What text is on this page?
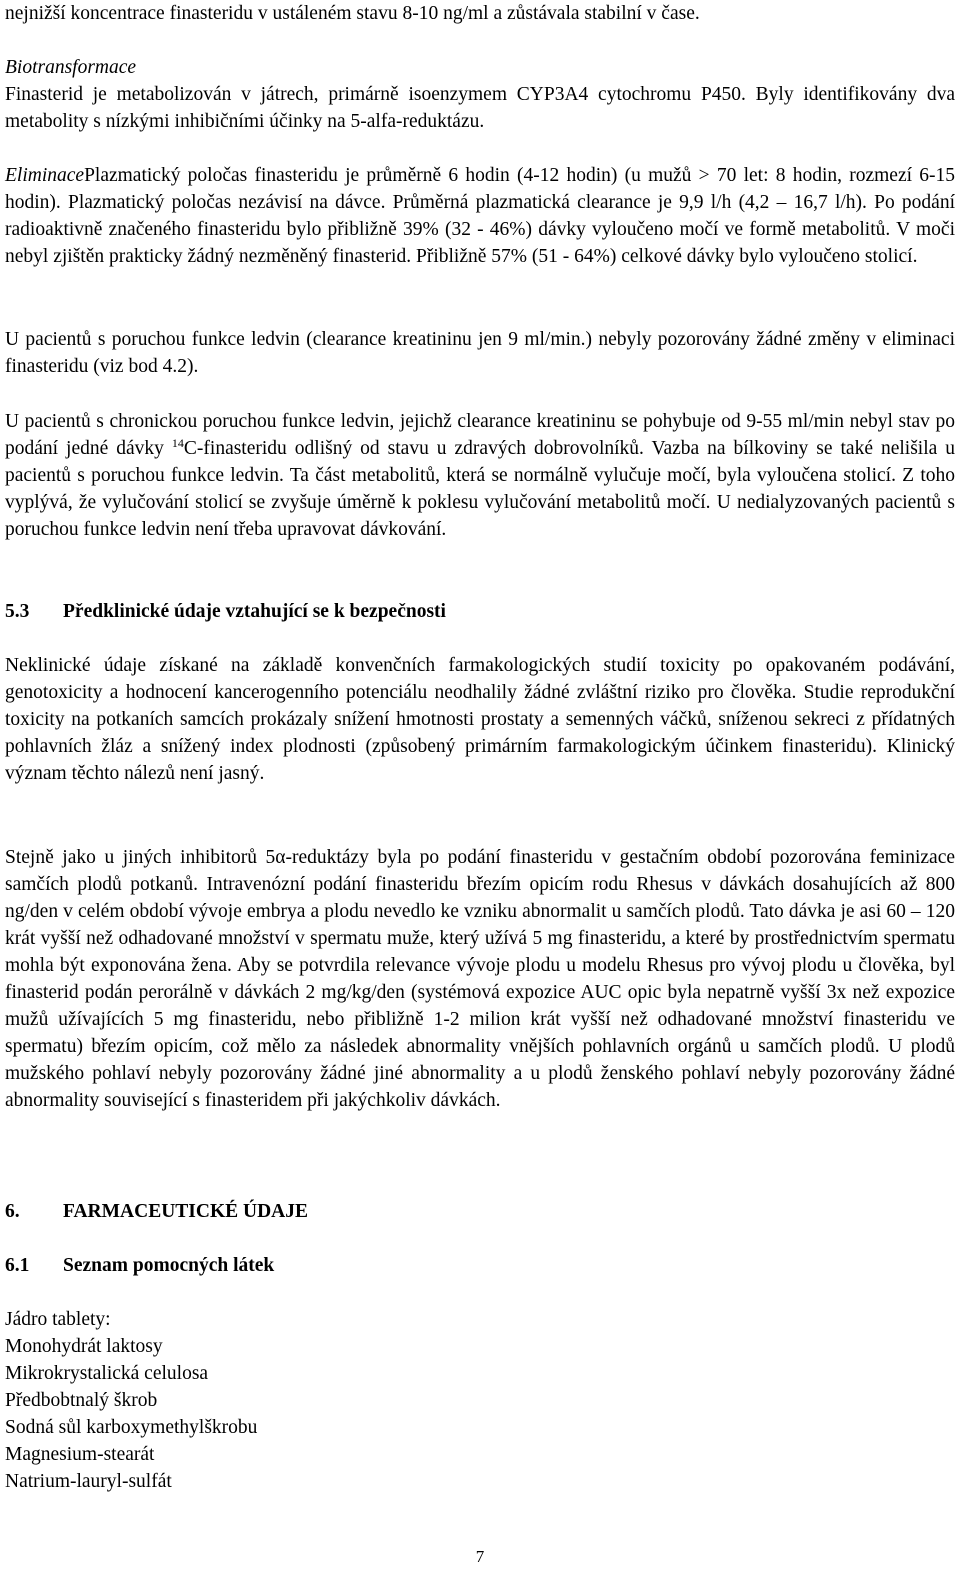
nejnižší koncentrace finasteridu v ustáleném stavu 8-10 ng/ml a zůstávala stabilní v čase.

Biotransformace

Finasterid je metabolizován v játrech, primárně isoenzymem CYP3A4 cytochromu P450. Byly identifikovány dva metabolity s nízkými inhibičními účinky na 5-alfa-reduktázu.

EliminacePlazmatický poločas finasteridu je průměrně 6 hodin (4-12 hodin) (u mužů > 70 let: 8 hodin, rozmezí 6-15 hodin). Plazmatický poločas nezávisí na dávce. Průměrná plazmatická clearance je 9,9 l/h (4,2 – 16,7 l/h). Po podání radioaktivně značeného finasteridu bylo přibližně 39% (32 - 46%) dávky vyloučeno močí ve formě metabolitů. V moči nebyl zjištěn prakticky žádný nezměněný finasterid. Přibližně 57% (51 - 64%) celkové dávky bylo vyloučeno stolicí.

U pacientů s poruchou funkce ledvin (clearance kreatininu jen 9 ml/min.) nebyly pozorovány žádné změny v eliminaci finasteridu (viz bod 4.2).

U pacientů s chronickou poruchou funkce ledvin, jejichž clearance kreatininu se pohybuje od 9-55 ml/min nebyl stav po podání jedné dávky $^{14}$C-finasteridu odlišný od stavu u zdravých dobrovolníků. Vazba na bílkoviny se také nelišila u pacientů s poruchou funkce ledvin. Ta část metabolitů, která se normálně vylučuje močí, byla vyloučena stolicí. Z toho vyplývá, že vylučování stolicí se zvyšuje úměrně k poklesu vylučování metabolitů močí. U nedialyzovaných pacientů s poruchou funkce ledvin není třeba upravovat dávkování.

5.3 Předklinické údaje vztahující se k bezpečnosti

Neklinické údaje získané na základě konvenčních farmakologických studií toxicity po opakovaném podávání, genotoxicity a hodnocení kancerogenního potenciálu neodhalily žádné zvláštní riziko pro člověka. Studie reprodukční toxicity na potkaních samcích prokázaly snížení hmotnosti prostaty a semenných váčků, sníženou sekreci z přídatných pohlavních žláz a snížený index plodnosti (způsobený primárním farmakologickým účinkem finasteridu). Klinický význam těchto nálezů není jasný.

Stejně jako u jiných inhibitorů 5α-reduktázy byla po podání finasteridu v gestačním období pozorována feminizace samčích plodů potkanů. Intravenózní podání finasteridu březím opicím rodu Rhesus v dávkách dosahujících až 800 ng/den v celém období vývoje embrya a plodu nevedlo ke vzniku abnormalit u samčích plodů. Tato dávka je asi 60 – 120 krát vyšší než odhadované množství v spermatu muže, který užívá 5 mg finasteridu, a které by prostřednictvím spermatu mohla být exponována žena. Aby se potvrdila relevance vývoje plodu u modelu Rhesus pro vývoj plodu u člověka, byl finasterid podán perorálně v dávkách 2 mg/kg/den (systémová expozice AUC opic byla nepatrně vyšší 3x než expozice mužů užívajících 5 mg finasteridu, nebo přibližně 1-2 milion krát vyšší než odhadované množství finasteridu ve spermatu) březím opicím, což mělo za následek abnormality vnějších pohlavních orgánů u samčích plodů. U plodů mužského pohlaví nebyly pozorovány žádné jiné abnormality a u plodů ženského pohlaví nebyly pozorovány žádné abnormality související s finasteridem při jakýchkoliv dávkách.

6. FARMACEUTICKÉ ÚDAJE
6.1 Seznam pomocných látek
Jádro tablety:
Monohydrát laktosy
Mikrokrystalická celulosa
Předbobtnalý škrob
Sodná sůl karboxymethylškrobu
Magnesium-stearát
Natrium-lauryl-sulfát
7
